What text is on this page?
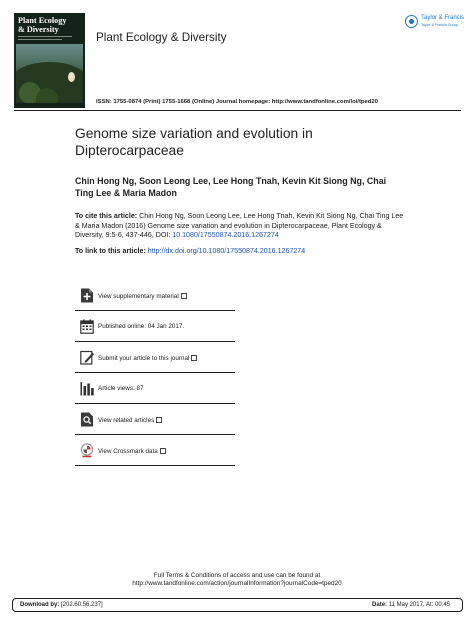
Plant Ecology
& Diversity
Plant Ecology & Diversity
Taylor & Francis
Taylor & Francis Group
ISSN: 1755-0874 (Print) 1755-1668 (Online) Journal homepage: http://www.tandfonline.com/loi/tped20
Genome size variation and evolution in Dipterocarpaceae
Chin Hong Ng, Soon Leong Lee, Lee Hong Tnah, Kevin Kit Siong Ng, Chai Ting Lee & Maria Madon
To cite this article: Chin Hong Ng, Soon Leong Lee, Lee Hong Tnah, Kevin Kit Siong Ng, Chai Ting Lee & Maria Madon (2016) Genome size variation and evolution in Dipterocarpaceae, Plant Ecology & Diversity, 9:5-6, 437-446, DOI: 10.1080/17550874.2016.1267274
To link to this article: http://dx.doi.org/10.1080/17550874.2016.1267274
View supplementary material
Published online: 04 Jan 2017.
Submit your article to this journal
Article views: 87
View related articles
View Crossmark data
Full Terms & Conditions of access and use can be found at
http://www.tandfonline.com/action/journalInformation?journalCode=tped20
Download by: [202.60.56.237]	Date: 11 May 2017, At: 00:45
